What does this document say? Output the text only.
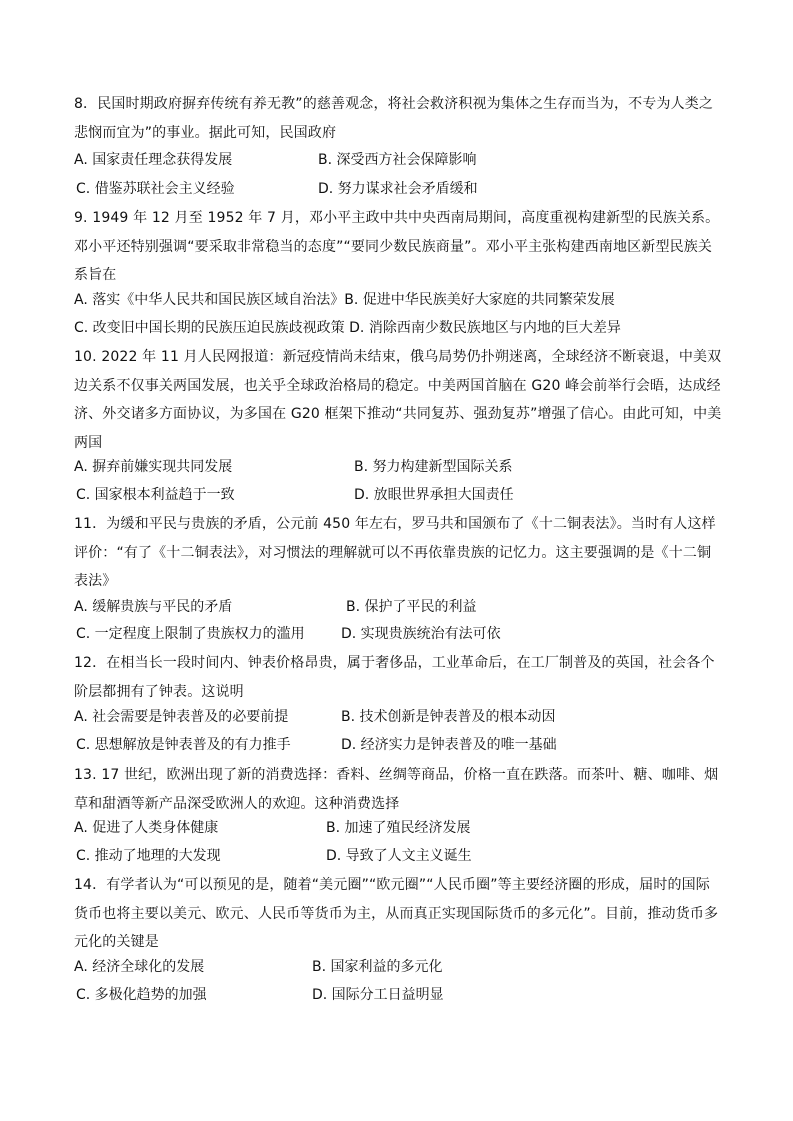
8．民国时期政府摒弃传统有养无教”的慈善观念，将社会救济积视为集体之生存而当为，不专为人类之悲悯而宜为”的事业。据此可知，民国政府

A. 国家责任理念获得发展	B. 深受西方社会保障影响
C. 借鉴苏联社会主义经验	D. 努力谋求社会矛盾缓和

9. 1949 年 12 月至 1952 年 7 月，邓小平主政中共中央西南局期间，高度重视构建新型的民族关系。邓小平还特别强调“要采取非常稳当的态度”“要同少数民族商量”。邓小平主张构建西南地区新型民族关系旨在

A. 落实《中华人民共和国民族区域自治法》B. 促进中华民族美好大家庭的共同繁荣发展
C. 改变旧中国长期的民族压迫民族歧视政策 D. 消除西南少数民族地区与内地的巨大差异

10. 2022 年 11 月人民网报道：新冠疫情尚未结束，俄乌局势仍扑朔迷离，全球经济不断衰退，中美双边关系不仅事关两国发展，也关乎全球政治格局的稳定。中美两国首脑在 G20 峰会前举行会晤，达成经济、外交诸多方面协议，为多国在 G20 框架下推动“共同复苏、强劲复苏”增强了信心。由此可知，中美两国

A. 摒弃前嫌实现共同发展	B. 努力构建新型国际关系
C. 国家根本利益趋于一致	D. 放眼世界承担大国责任

11．为缓和平民与贵族的矛盾，公元前 450 年左右，罗马共和国颁布了《十二铜表法》。当时有人这样评价：“有了《十二铜表法》，对习惯法的理解就可以不再依靠贵族的记忆力。这主要强调的是《十二铜表法》

A. 缓解贵族与平民的矛盾	B. 保护了平民的利益
C. 一定程度上限制了贵族权力的滥用	D. 实现贵族统治有法可依

12．在相当长一段时间内、钟表价格昂贵，属于奢侈品，工业革命后，在工厂制普及的英国，社会各个阶层都拥有了钟表。这说明

A. 社会需要是钟表普及的必要前提	B. 技术创新是钟表普及的根本动因
C. 思想解放是钟表普及的有力推手	D. 经济实力是钟表普及的唯一基础

13. 17 世纪，欧洲出现了新的消费选择：香料、丝绸等商品，价格一直在跌落。而茶叶、糖、咖啡、烟草和甜酒等新产品深受欧洲人的欢迎。这种消费选择

A. 促进了人类身体健康	B. 加速了殖民经济发展
C. 推动了地理的大发现	D. 导致了人文主义诞生

14．有学者认为“可以预见的是，随着“美元圈”“欧元圈”“人民币圈”等主要经济圈的形成，届时的国际货币也将主要以美元、欧元、人民币等货币为主，从而真正实现国际货币的多元化”。目前，推动货币多元化的关键是

A. 经济全球化的发展	B. 国家利益的多元化
C. 多极化趋势的加强	D. 国际分工日益明显
